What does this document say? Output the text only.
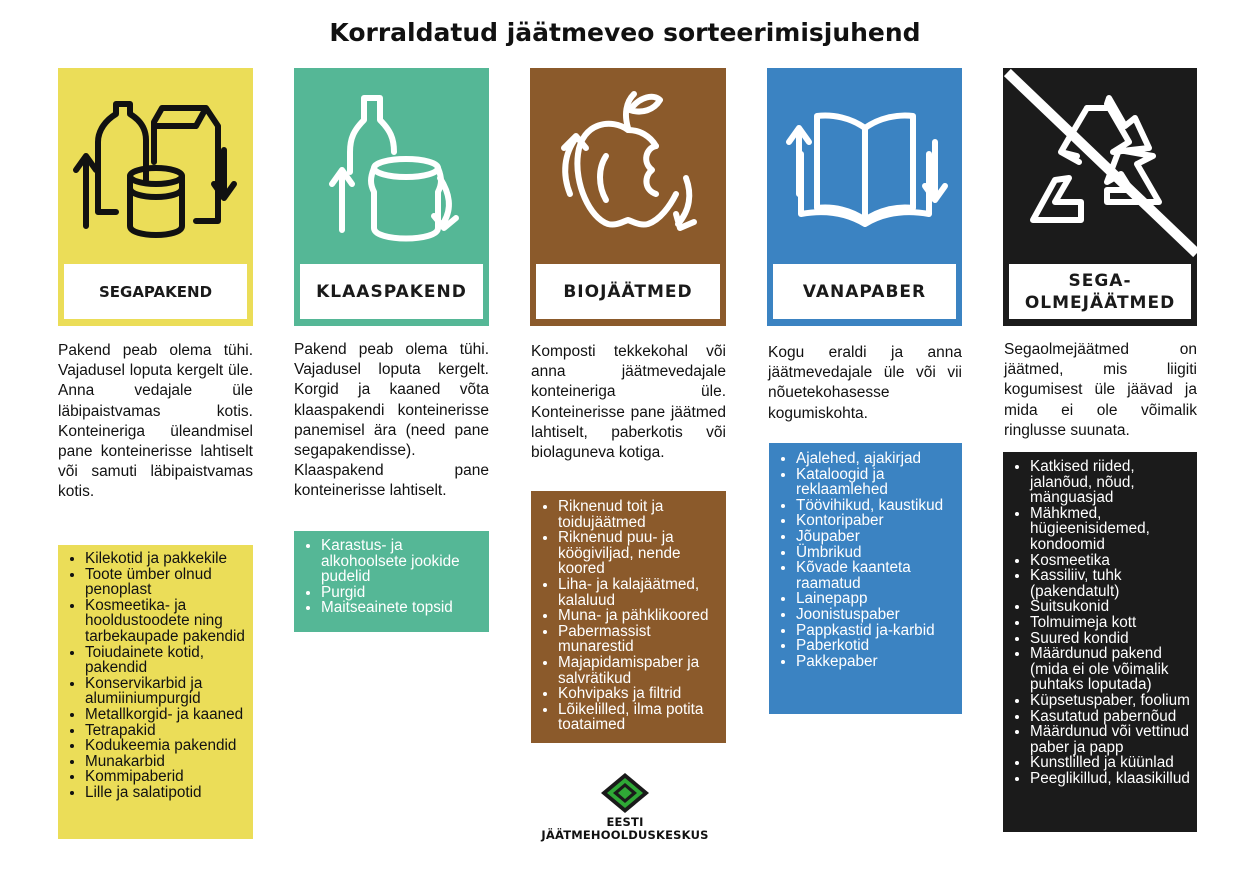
Korraldatud jäätmeveo sorteerimisjuhend
SEGAPAKEND
Pakend peab olema tühi. Vajadusel loputa kergelt üle. Anna vedajale üle läbipaistvamas kotis. Konteineriga üleandmisel pane konteinerisse lahtiselt või samuti läbipaistvamas kotis.
• Kilekotid ja pakkekile
• Toote ümber olnud penoplast
• Kosmeetika- ja hooldustoodete ning tarbekaupade pakendid
• Toiudainete kotid, pakendid
• Konservikarbid ja alumiiniumpurgid
• Metallkorgid- ja kaaned
• Tetrapakid
• Kodukeemia pakendid
• Munakarbid
• Kommipaberid
• Lille ja salatipotid
KLAASPAKEND
Pakend peab olema tühi. Vajadusel loputa kergelt. Korgid ja kaaned võta klaaspakendi konteinerisse panemisel ära (need pane segapakendisse). Klaaspakend pane konteinerisse lahtiselt.
• Karastus- ja alkohoolsete jookide pudelid
• Purgid
• Maitseainete topsid
BIOJÄÄTMED
Komposti tekkekohal või anna jäätmevedajale konteineriga üle. Konteinerisse pane jäätmed lahtiselt, paberkotis või biolaguneva kotiga.
• Riknenud toit ja toidujäätmed
• Riknenud puu- ja köögiviljad, nende koored
• Liha- ja kalajäätmed, kalaluud
• Muna- ja pähklikoored
• Pabermassist munarestid
• Majapidamispaber ja salvrätikud
• Kohvipaks ja filtrid
• Lõikelilled, ilma potita toataimed
VANAPABER
Kogu eraldi ja anna jäätmevedajale üle või vii nõuetekohasesse kogumiskohta.
• Ajalehed, ajakirjad
• Kataloogid ja reklaamlehed
• Töövihikud, kaustikud
• Kontoripaber
• Jõupaber
• Ümbrikud
• Kõvade kaanteta raamatud
• Lainepapp
• Joonistuspaber
• Pappkastid ja-karbid
• Paberkotid
• Pakkepaber
SEGA-
OLMEJÄÄTMED
Segaolmejäätmed on jäätmed, mis liigiti kogumisest üle jäävad ja mida ei ole võimalik ringlusse suunata.
• Katkised riided, jalanõud, nõud, mänguasjad
• Mähkmed, hügieenisidemed, kondoomid
• Kosmeetika
• Kassiliiv, tuhk (pakendatult)
• Suitsukonid
• Tolmuimeja kott
• Suured kondid
• Määrdunud pakend (mida ei ole võimalik puhtaks loputada)
• Küpsetuspaber, foolium
• Kasutatud pabernõud
• Määrdunud või vettinud paber ja papp
• Kunstlilled ja küünlad
• Peeglikillud, klaasikillud
EESTI
JÄÄTMEHOOLDUSKESKUS
